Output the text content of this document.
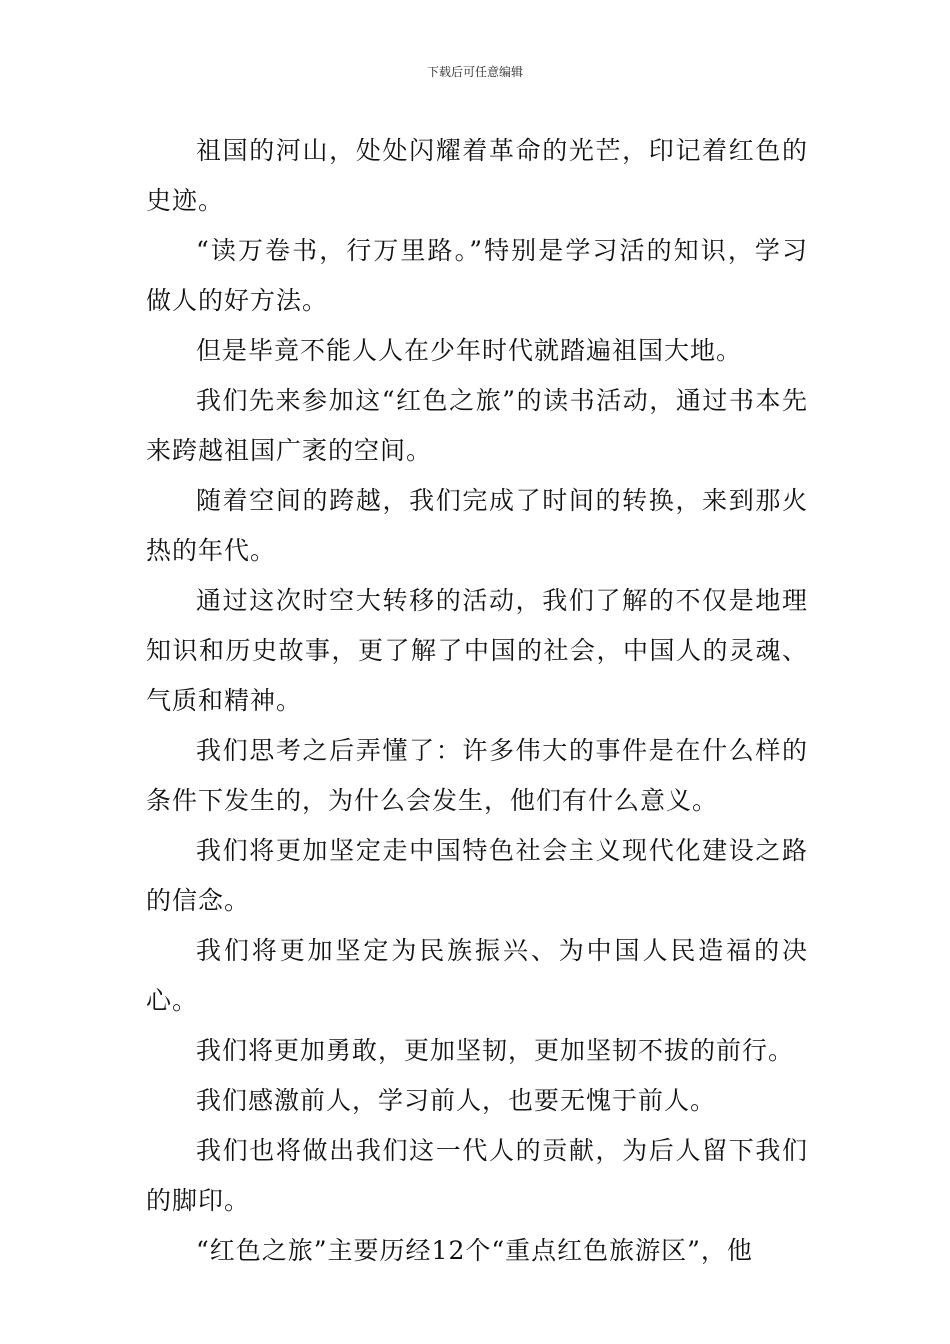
下载后可任意编辑

祖国的河山，处处闪耀着革命的光芒，印记着红色的史迹。

“读万卷书，行万里路。”特别是学习活的知识，学习做人的好方法。

但是毕竟不能人人在少年时代就踏遍祖国大地。

我们先来参加这“红色之旅”的读书活动，通过书本先来跨越祖国广袤的空间。

随着空间的跨越，我们完成了时间的转换，来到那火热的年代。

通过这次时空大转移的活动，我们了解的不仅是地理知识和历史故事，更了解了中国的社会，中国人的灵魂、气质和精神。

我们思考之后弄懂了：许多伟大的事件是在什么样的条件下发生的，为什么会发生，他们有什么意义。

我们将更加坚定走中国特色社会主义现代化建设之路的信念。

我们将更加坚定为民族振兴、为中国人民造福的决心。

我们将更加勇敢，更加坚韧，更加坚韧不拔的前行。

我们感激前人，学习前人，也要无愧于前人。

我们也将做出我们这一代人的贡献，为后人留下我们的脚印。

“红色之旅”主要历经12个“重点红色旅游区”，他
